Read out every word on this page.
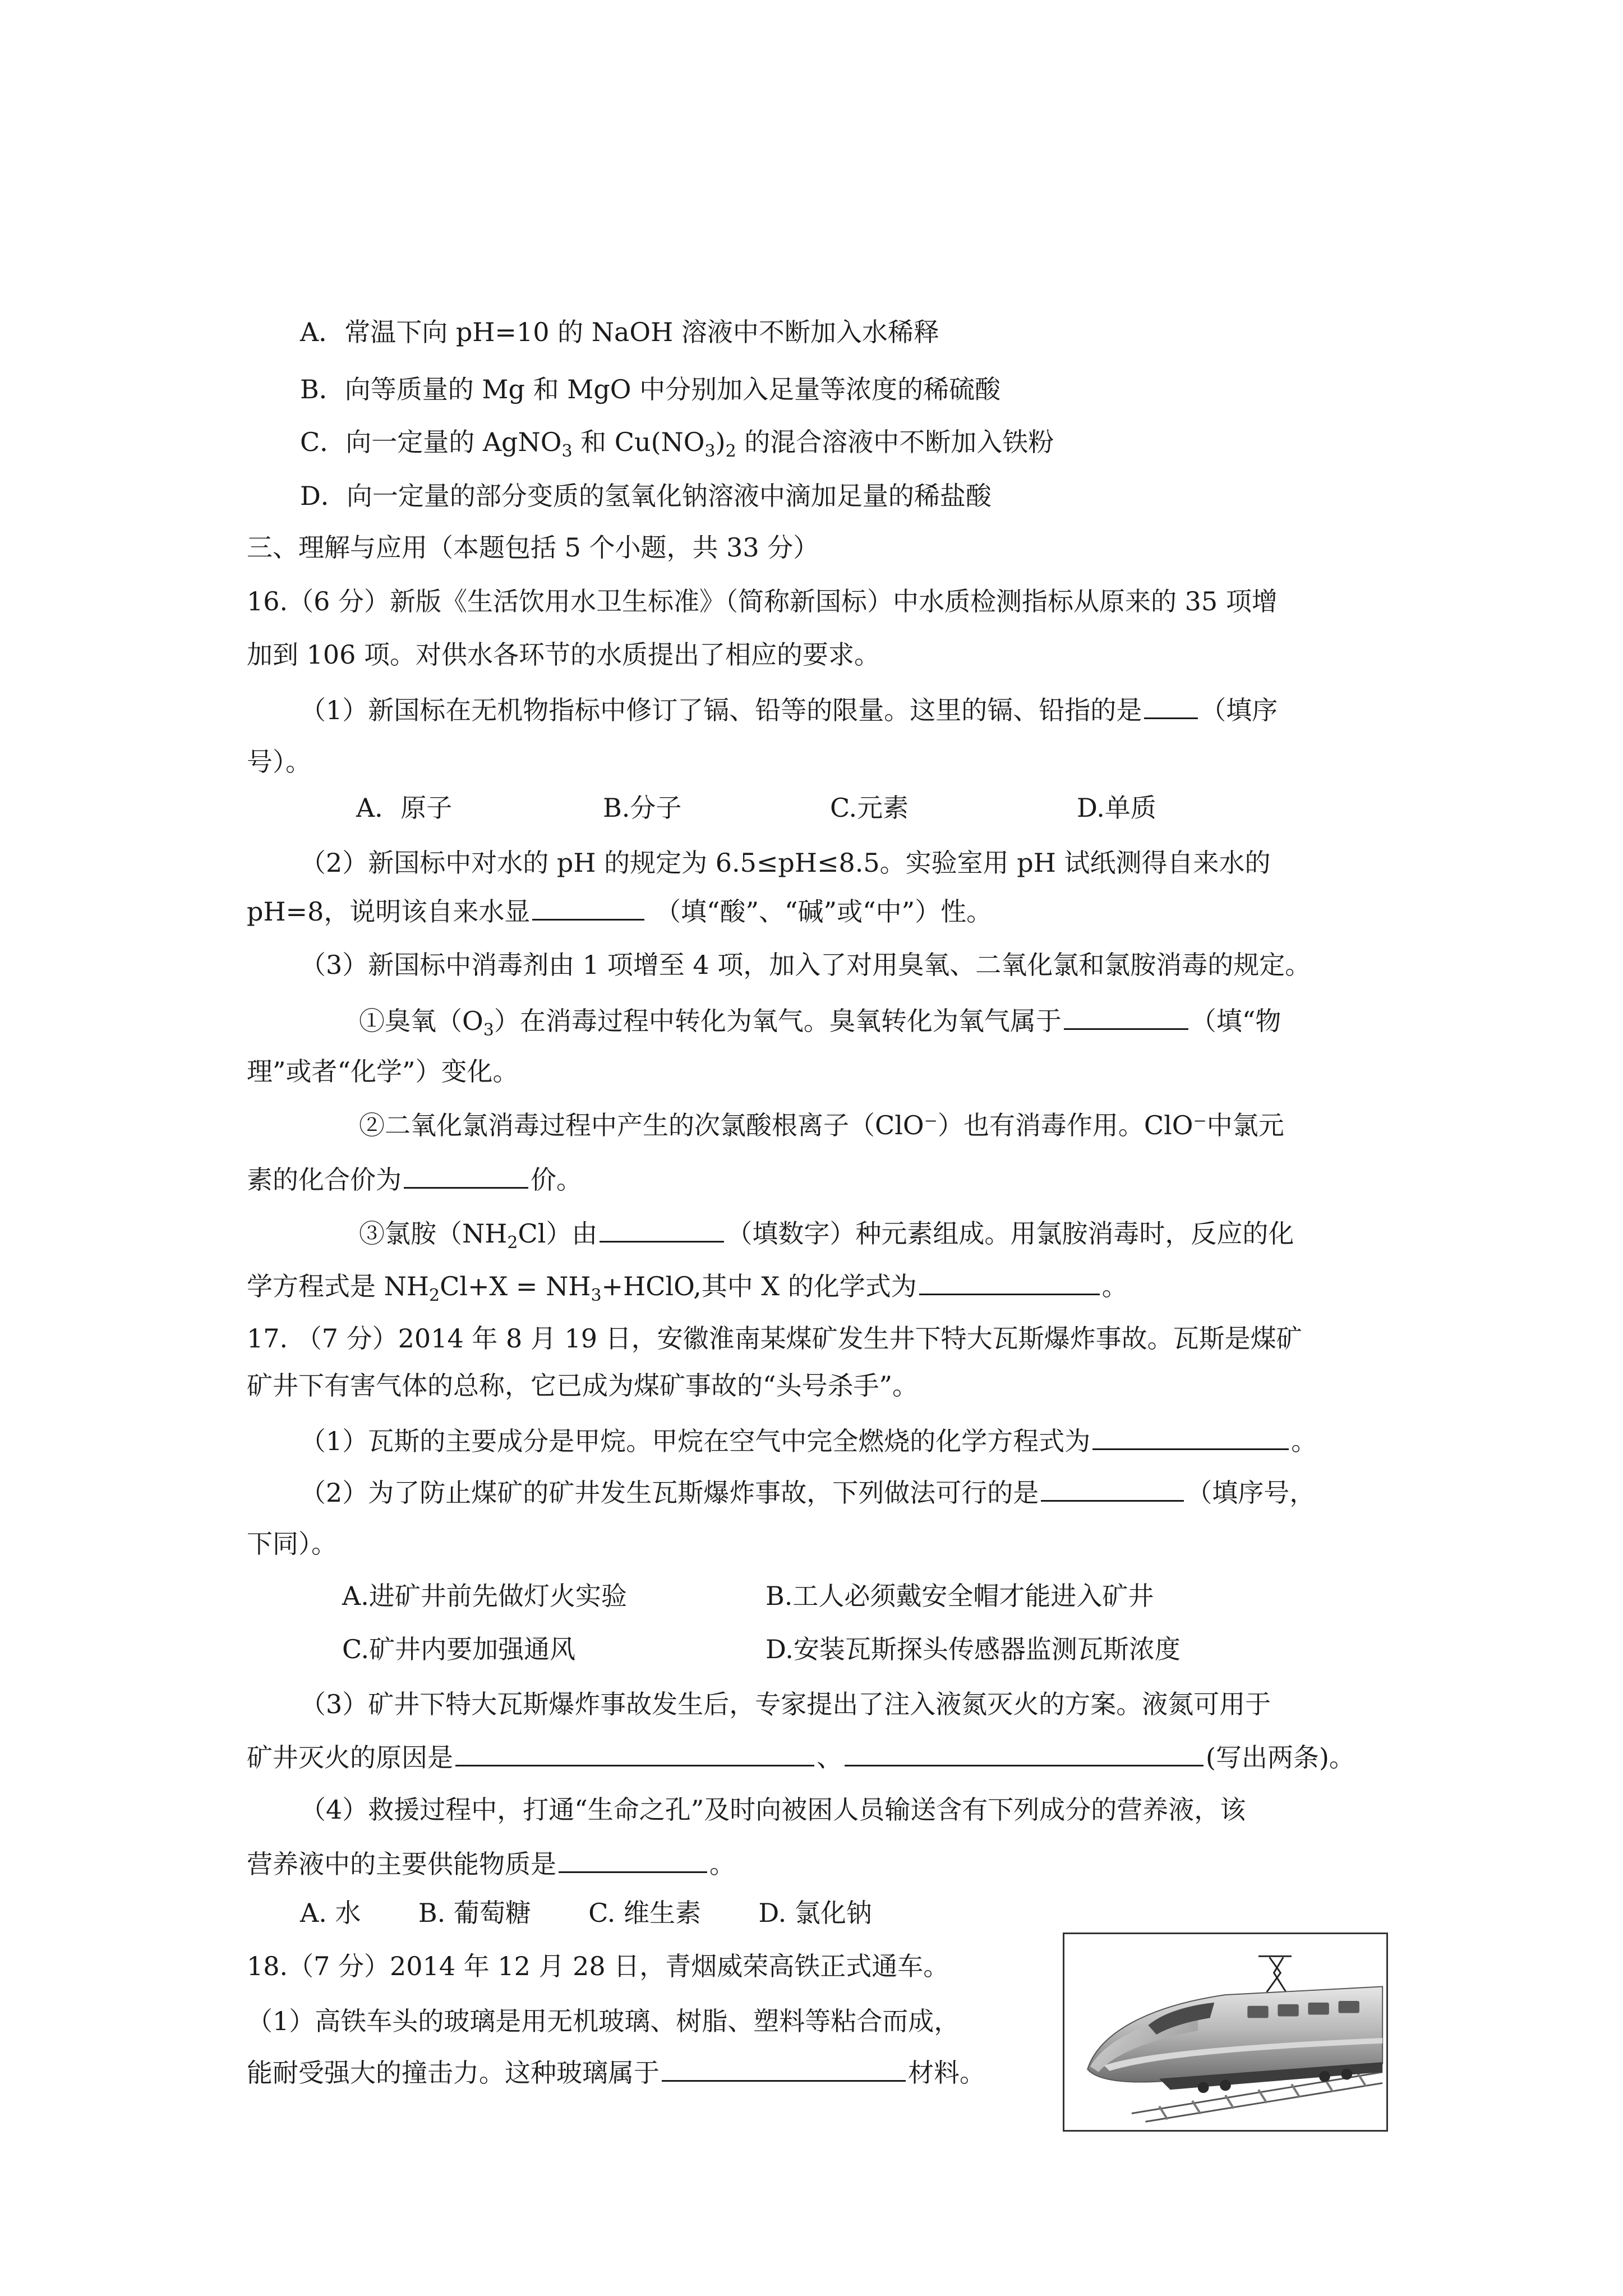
A．常温下向 pH=10 的 NaOH 溶液中不断加入水稀释
B．向等质量的 Mg 和 MgO 中分别加入足量等浓度的稀硫酸
C．向一定量的 AgNO$_3$ 和 $Cu(NO_3)_2$ 的混合溶液中不断加入铁粉
D．向一定量的部分变质的氢氧化钠溶液中滴加足量的稀盐酸
三、理解与应用（本题包括 5 个小题，共 33 分）
16.（6 分）新版《生活饮用水卫生标准》（简称新国标）中水质检测指标从原来的 35 项增
加到 106 项。对供水各环节的水质提出了相应的要求。
（1）新国标在无机物指标中修订了镉、铅等的限量。这里的镉、铅指的是 （填序
号）。
A．原子	B.分子	C.元素	D.单质
（2）新国标中对水的 pH 的规定为 6.5≤pH≤8.5。实验室用 pH 试纸测得自来水的
pH=8，说明该自来水显	（填“酸”、“碱”或“中”）性。
（3）新国标中消毒剂由 1 项增至 4 项，加入了对用臭氧、二氧化氯和氯胺消毒的规定。
①臭氧$(O_3)$在消毒过程中转化为氧气。臭氧转化为氧气属于	（填“物
理”或者“化学”）变化。
②二氧化氯消毒过程中产生的次氯酸根离子（ClO⁻）也有消毒作用。ClO⁻中氯元
素的化合价为	价。
③氯胺$(NH_2Cl)$由	（填数字）种元素组成。用氯胺消毒时，反应的化
学方程式是 $NH_2Cl+X$ = $NH_3+HClO$,其中 X 的化学式为	。
17. （7 分）2014 年 8 月 19 日，安徽淮南某煤矿发生井下特大瓦斯爆炸事故。瓦斯是煤矿
矿井下有害气体的总称，它已成为煤矿事故的“头号杀手”。
（1）瓦斯的主要成分是甲烷。甲烷在空气中完全燃烧的化学方程式为	。
（2）为了防止煤矿的矿井发生瓦斯爆炸事故，下列做法可行的是	（填序号，
下同）。
A.进矿井前先做灯火实验	B.工人必须戴安全帽才能进入矿井
C.矿井内要加强通风	D.安装瓦斯探头传感器监测瓦斯浓度
（3）矿井下特大瓦斯爆炸事故发生后，专家提出了注入液氮灭火的方案。液氮可用于
矿井灭火的原因是	、	(写出两条)。
（4）救援过程中，打通“生命之孔”及时向被困人员输送含有下列成分的营养液，该
营养液中的主要供能物质是	。
A. 水       B. 葡萄糖       C. 维生素       D. 氯化钠
18.（7 分）2014 年 12 月 28 日，青烟威荣高铁正式通车。
（1）高铁车头的玻璃是用无机玻璃、树脂、塑料等粘合而成，
能耐受强大的撞击力。这种玻璃属于	材料。
